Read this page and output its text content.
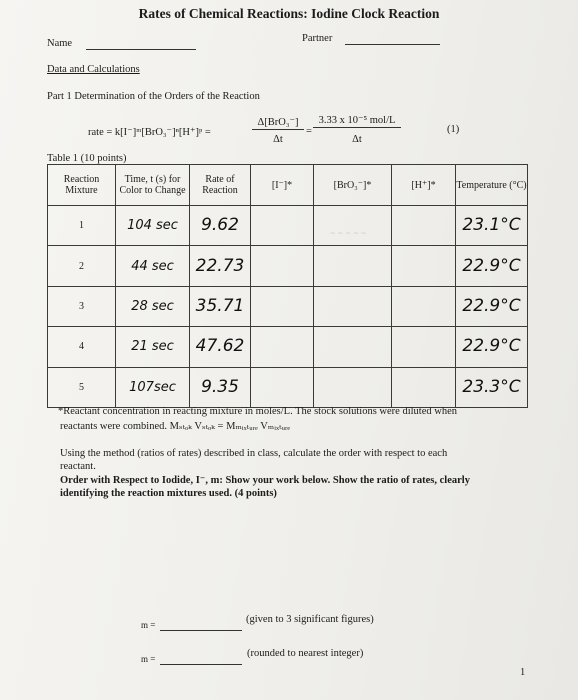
~ ~ ~ ~ ~
Rates of Chemical Reactions: Iodine Clock Reaction
Name	Partner
Data and Calculations
Part 1 Determination of the Orders of the Reaction
rate = k[I⁻]ᵐ[BrO₃⁻]ⁿ[H⁺]ᵖ =
Δ[BrO₃⁻]
Δt
=
3.33 x 10⁻⁵ mol/L
Δt
(1)
Table 1 (10 points)
Reaction Mixture	Time, t (s) for Color to Change	Rate of Reaction	[I⁻]*	[BrO₃⁻]*	[H⁺]*	Temperature (°C)
1	104 sec	9.62				23.1°C
2	44 sec	22.73				22.9°C
3	28 sec	35.71				22.9°C
4	21 sec	47.62				22.9°C
5	107sec	9.35				23.3°C
*Reactant concentration in reacting mixture in moles/L. The stock solutions were diluted when
reactants were combined. Mₛₜₒₖ Vₛₜₒₖ = Mₘᵢₓₜᵤᵣₑ Vₘᵢₓₜᵤᵣₑ
Using the method (ratios of rates) described in class, calculate the order with respect to each
reactant.
Order with Respect to Iodide, I⁻, m: Show your work below. Show the ratio of rates, clearly
identifying the reaction mixtures used. (4 points)
m =	(given to 3 significant figures)
m =	(rounded to nearest integer)
1
